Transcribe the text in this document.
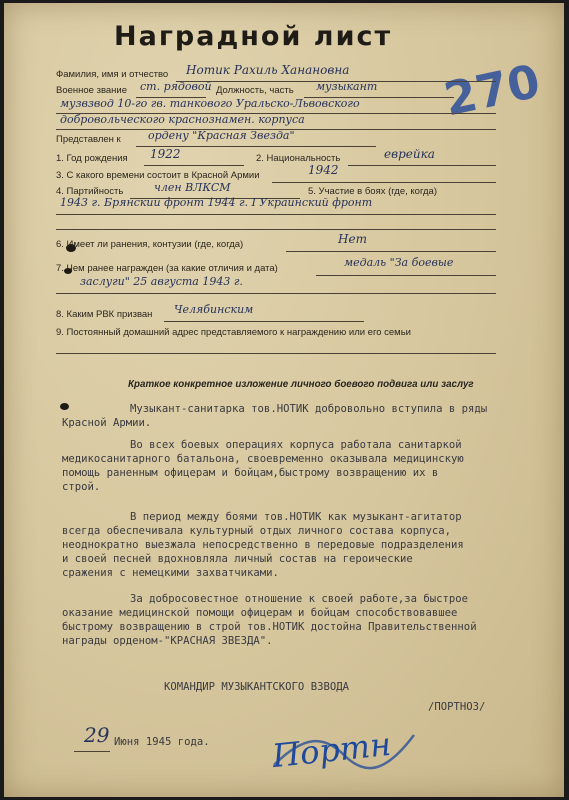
Наградной лист
270
Фамилия, имя и отчество Нотик Рахиль Ханановна
Военное звание ст. рядовой Должность, часть музыкант
музвзвод 10-го гв. танкового Уральско-Львовского
добровольческого краснознамен. корпуса
Представлен к ордену "Красная Звезда"
1. Год рождения 1922	2. Национальность	еврейка
3. С какого времени состоит в Красной Армии	1942
4. Партийность	член ВЛКСМ	5. Участие в боях (где, когда)
1943 г. Брянский фронт 1944 г. I Украинский фронт
6. Имеет ли ранения, контузии (где, когда)	Нет
7. Чем ранее награжден (за какие отличия и дата)	медаль "За боевые
заслуги" 25 августа 1943 г.
8. Каким РВК призван Челябинским
9. Постоянный домашний адрес представляемого к награждению или его семьи
Краткое конкретное изложение личного боевого подвига или заслуг
Музыкант-санитарка тов.НОТИК добровольно вступила в ряды
Красной Армии.
Во всех боевых операциях корпуса работала санитаркой
медикосанитарного батальона, своевременно оказывала медицинскую
помощь раненным офицерам и бойцам,быстрому возвращению их в
строй.
В период между боями тов.НОТИК как музыкант-агитатор
всегда обеспечивала культурный отдых личного состава корпуса,
неоднократно выезжала непосредственно в передовые подразделения
и своей песней вдохновляла личный состав на героические
сражения с немецкими захватчиками.
За добросовестное отношение к своей работе,за быстрое
оказание медицинской помощи офицерам и бойцам способствовавшее
быстрому возвращению в строй тов.НОТИК достойна Правительственной
награды орденом-"КРАСНАЯ ЗВЕЗДА".
КОМАНДИР МУЗЫКАНТСКОГО ВЗВОДА
/ПОРТНОЗ/
29 Июня 1945 года. Портн
